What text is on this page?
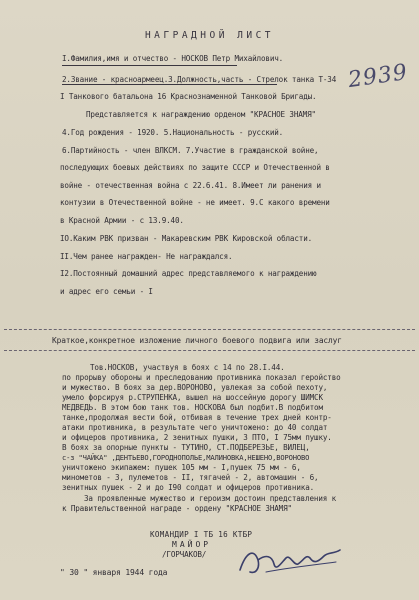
НАГРАДНОЙ ЛИСТ
2939
I.Фамилия,имя и отчество - НОСКОВ Петр Михайлович.
2.Звание - красноармеец.3.Должность,часть - Стрелок танка Т-34
I Танкового батальона 16 Краснознаменной Танковой Бригады.
Представляется к награждению орденом "КРАСНОЕ ЗНАМЯ"
4.Год рождения - 1920. 5.Национальность - русский.
6.Партийность - член ВЛКСМ. 7.Участие в гражданской войне,
последующих боевых действиях по защите СССР и Отечественной в
войне - отечественная война с 22.6.41. 8.Имеет ли ранения и
контузии в Отечественной войне - не имеет. 9.С какого времени
в Красной Армии - с 13.9.40.
IO.Каким РВК призван - Макаревским РВК Кировской области.
II.Чем ранее награжден- Не награждался.
I2.Постоянный домашний адрес представляемого к награждению
и адрес его семьи - I
Краткое,конкретное изложение личного боевого подвига или заслуг
Тов.НОСКОВ, участвуя в боях с 14 по 28.I.44.
по прорыву обороны и преследованию противника показал геройство
и мужество. В боях за дер.ВОРОНОВО, увлекая за собой пехоту,
умело форсируя р.СТРУПЕНКА, вышел на шоссейную дорогу ШИМСК
МЕДВЕДЬ. В этом бою танк тов. НОСКОВА был подбит.В подбитом
танке,продолжая вести бой, отбивая в течение трех дней контр-
атаки противника, в результате чего уничтожено: до 40 солдат
и офицеров противника, 2 зенитных пушки, 3 ПТО, I 75мм пушку.
В боях за опорные пункты - ТУТИНО, СТ.ПОДБЕРЕЗЬЕ, ВИЛЕЦ,
с-з "ЧАЙКА" ,ДЕНТЬЕВО,ГОРОДНОПОЛЬЕ,МАЛИНОВКА,НЕШЕНО,ВОРОНОВО
уничтожено экипажем: пушек 105 мм - I,пушек 75 мм - 6,
минометов - 3, пулеметов - II, тягачей - 2, автомашин - 6,
зенитных пушек - 2 и до I90 солдат и офицеров противника.
За проявленные мужество и героизм достоин представления к
к Правительственной награде - ордену "КРАСНОЕ ЗНАМЯ"
КОМАНДИР I ТБ 16 КТБР
МАЙОР
/ГОРЧАКОВ/
" 30 " января 1944 года
